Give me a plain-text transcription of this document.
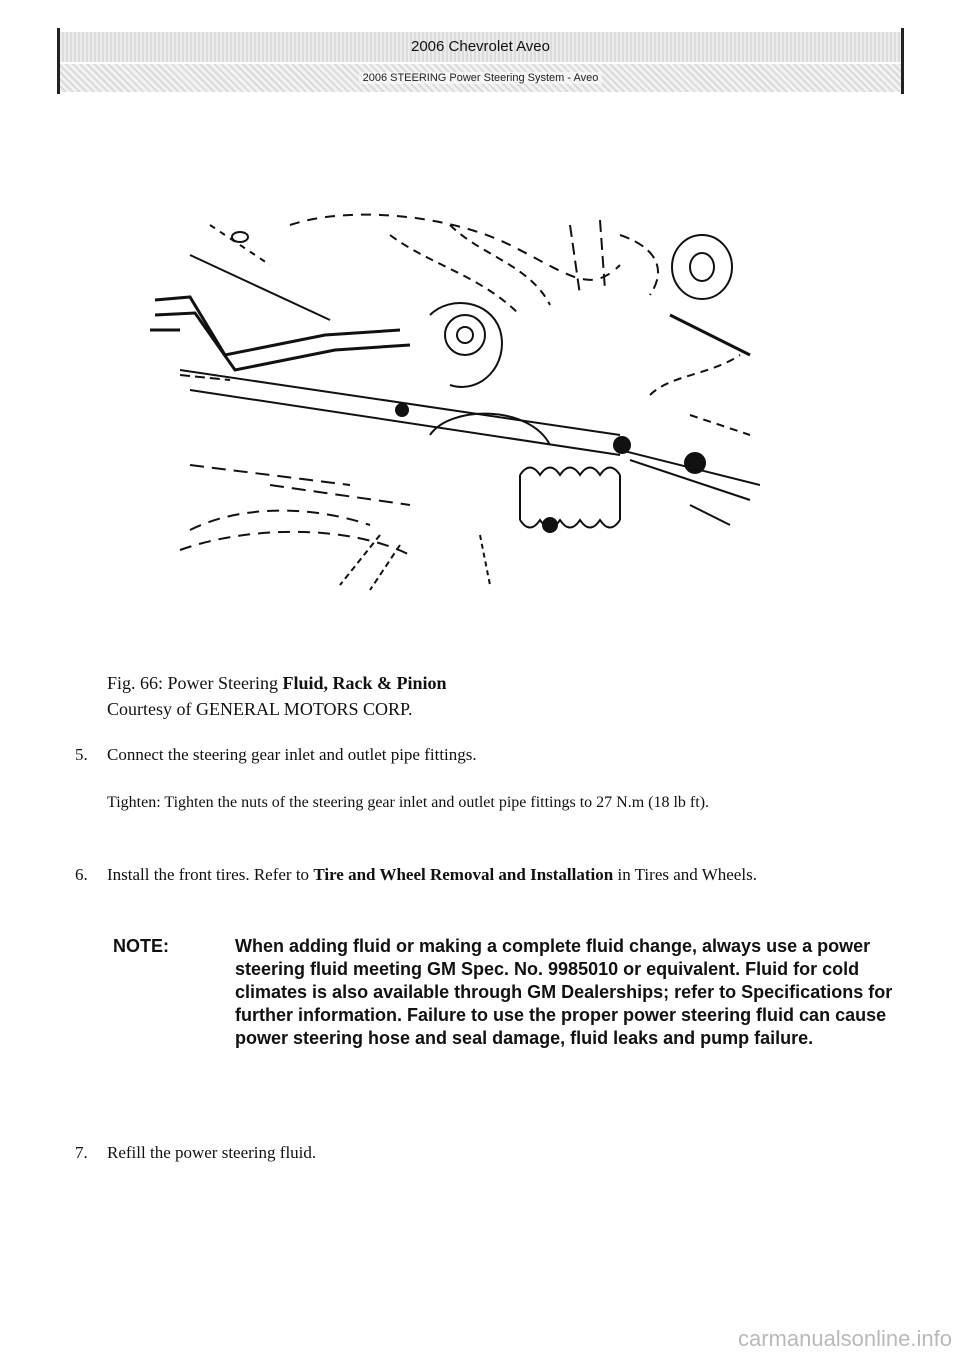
2006 Chevrolet Aveo
2006 STEERING Power Steering System - Aveo
Fig. 66: Power Steering Fluid, Rack & Pinion
Courtesy of GENERAL MOTORS CORP.
5. Connect the steering gear inlet and outlet pipe fittings.
Tighten: Tighten the nuts of the steering gear inlet and outlet pipe fittings to 27 N.m (18 lb ft).
6. Install the front tires. Refer to Tire and Wheel Removal and Installation in Tires and Wheels.
NOTE:	When adding fluid or making a complete fluid change, always use a power steering fluid meeting GM Spec. No. 9985010 or equivalent. Fluid for cold climates is also available through GM Dealerships; refer to Specifications for further information. Failure to use the proper power steering fluid can cause power steering hose and seal damage, fluid leaks and pump failure.
7. Refill the power steering fluid.
carmanualsonline.info
